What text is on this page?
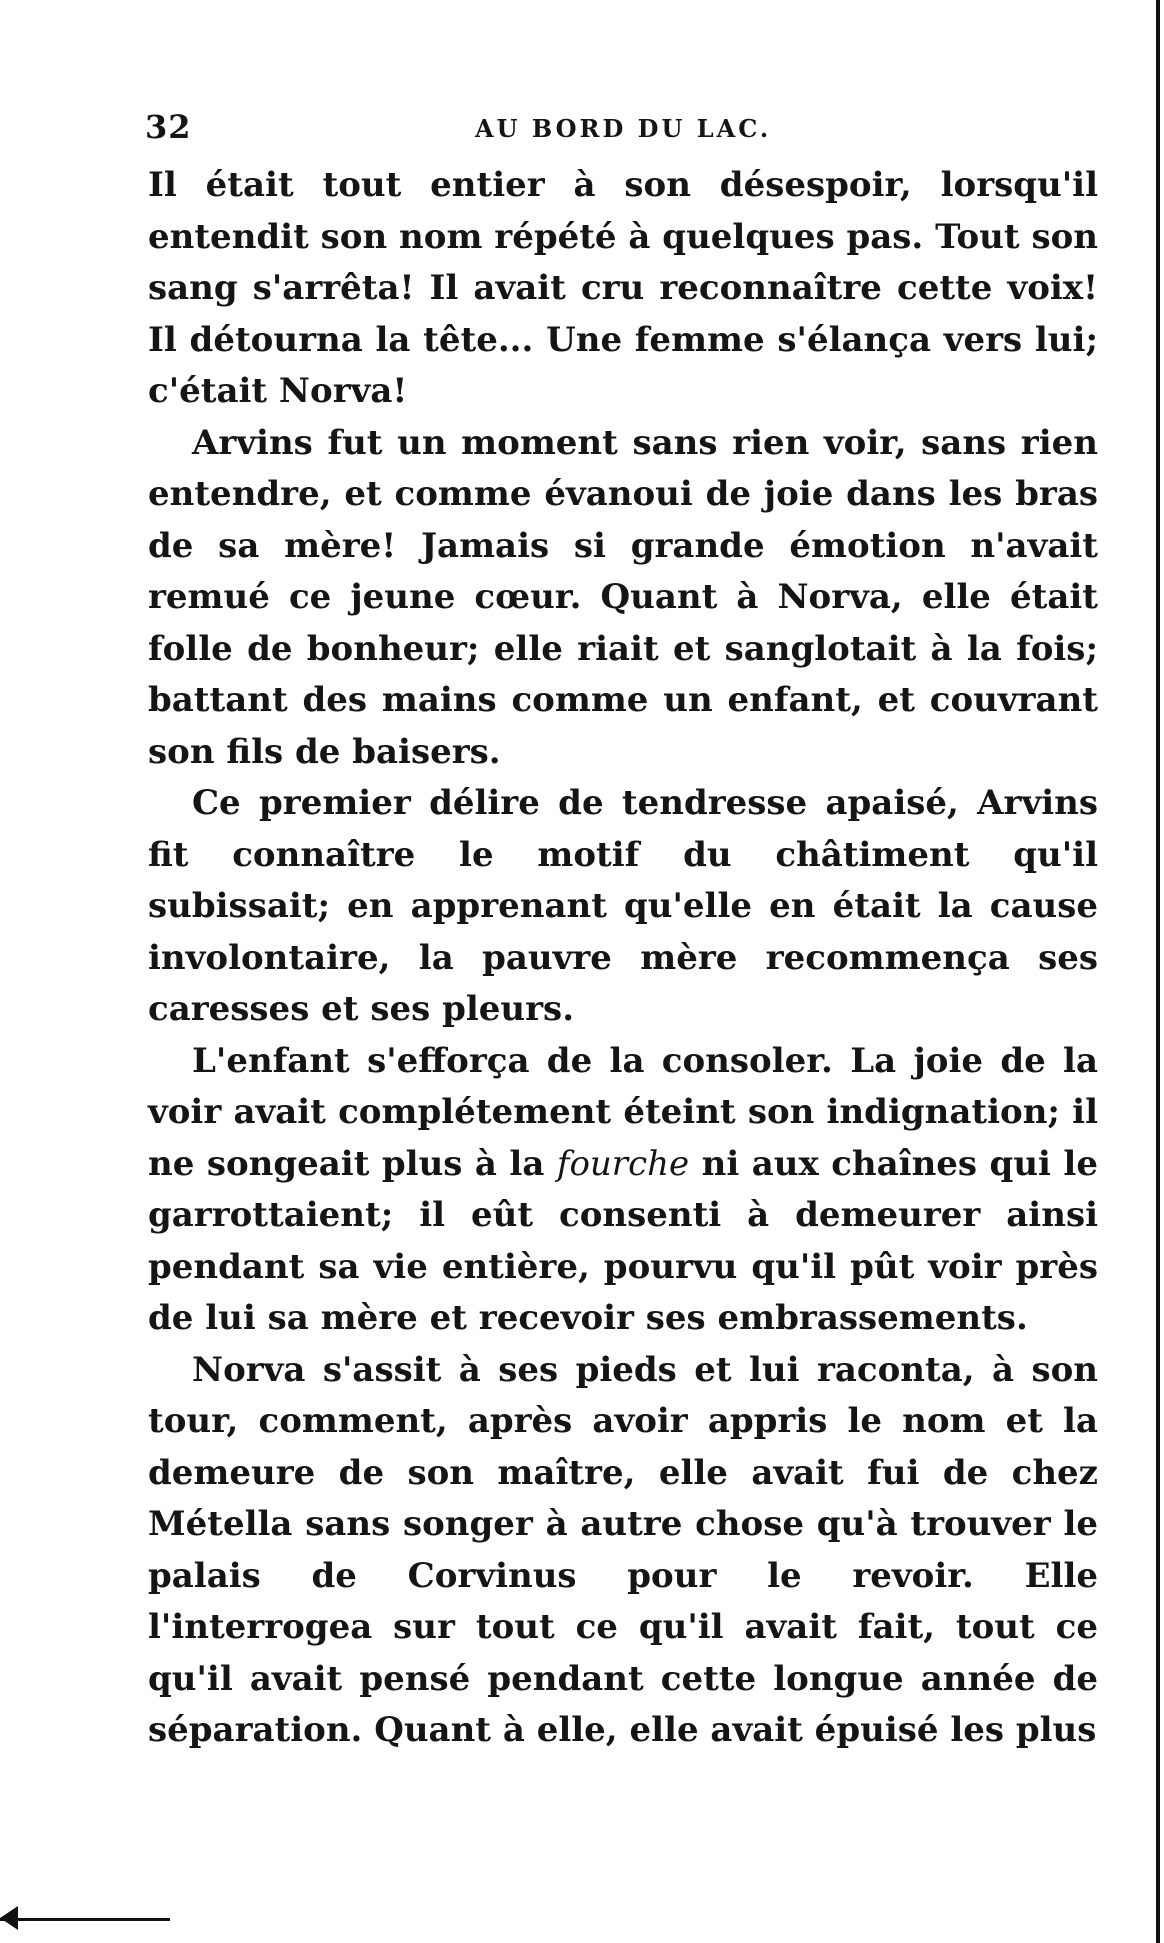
32	AU BORD DU LAC.

Il était tout entier à son désespoir, lorsqu'il entendit son nom répété à quelques pas. Tout son sang s'arrêta! Il avait cru reconnaître cette voix! Il détourna la tête... Une femme s'élança vers lui; c'était Norva!

Arvins fut un moment sans rien voir, sans rien entendre, et comme évanoui de joie dans les bras de sa mère! Jamais si grande émotion n'avait remué ce jeune cœur. Quant à Norva, elle était folle de bonheur; elle riait et sanglotait à la fois; battant des mains comme un enfant, et couvrant son fils de baisers.

Ce premier délire de tendresse apaisé, Arvins fit connaître le motif du châtiment qu'il subissait; en apprenant qu'elle en était la cause involontaire, la pauvre mère recommença ses caresses et ses pleurs.

L'enfant s'efforça de la consoler. La joie de la voir avait complétement éteint son indignation; il ne songeait plus à la fourche ni aux chaînes qui le garrottaient; il eût consenti à demeurer ainsi pendant sa vie entière, pourvu qu'il pût voir près de lui sa mère et recevoir ses embrassements.

Norva s'assit à ses pieds et lui raconta, à son tour, comment, après avoir appris le nom et la demeure de son maître, elle avait fui de chez Métella sans songer à autre chose qu'à trouver le palais de Corvinus pour le revoir. Elle l'interrogea sur tout ce qu'il avait fait, tout ce qu'il avait pensé pendant cette longue année de séparation. Quant à elle, elle avait épuisé les plus
